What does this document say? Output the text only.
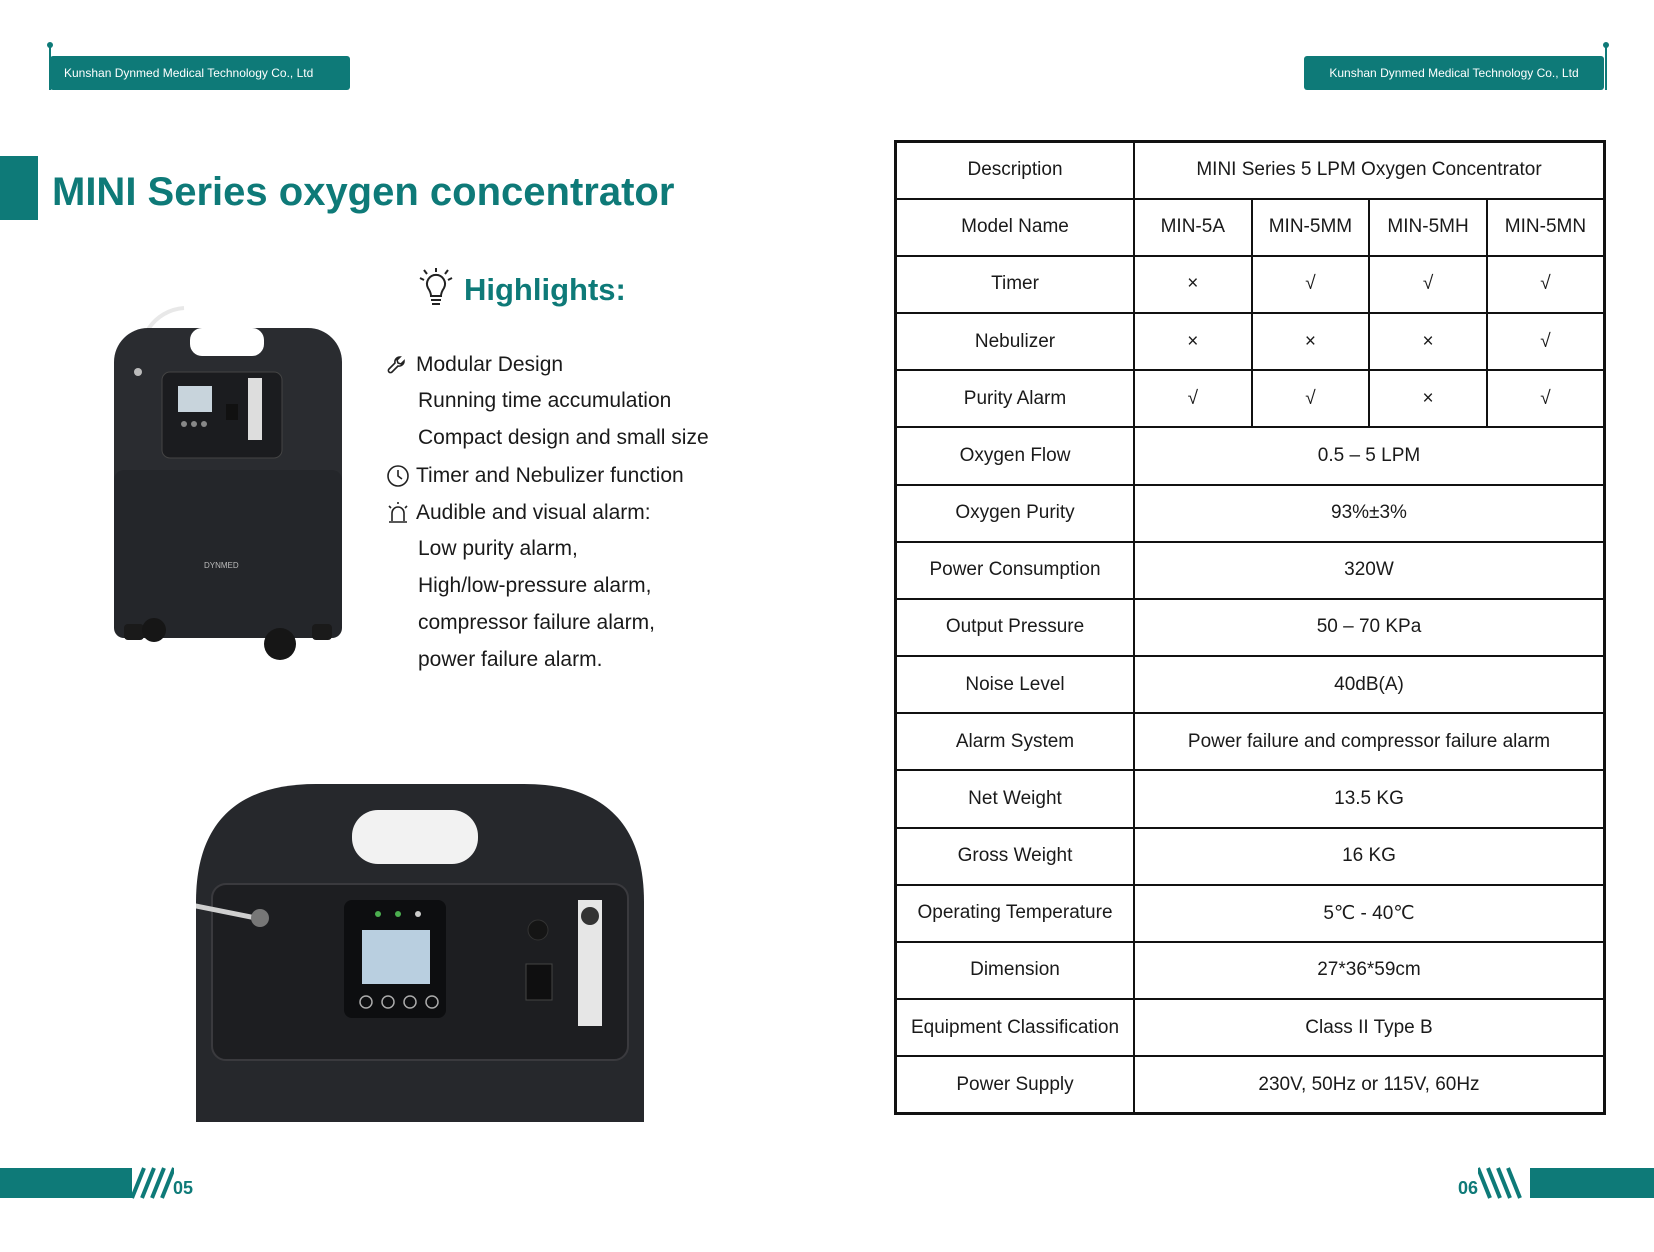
Kunshan Dynmed Medical Technology Co., Ltd	Kunshan Dynmed Medical Technology Co., Ltd
MINI Series oxygen concentrator
Highlights:
Modular Design
Running time accumulation
Compact design and small size
Timer and Nebulizer function
Audible and visual alarm:
Low purity alarm,
High/low-pressure alarm,
compressor failure alarm,
power failure alarm.
DYNMED
Description	MINI Series 5 LPM Oxygen Concentrator			
Model Name	MIN-5A	MIN-5MM	MIN-5MH	MIN-5MN
Timer	×	√	√	√
Nebulizer	×	×	×	√
Purity Alarm	√	√	×	√
Oxygen Flow	0.5 – 5 LPM			
Oxygen Purity	93%±3%			
Power Consumption	320W			
Output Pressure	50 – 70 KPa			
Noise Level	40dB(A)			
Alarm System	Power failure and compressor failure alarm			
Net Weight	13.5 KG			
Gross Weight	16 KG			
Operating Temperature	5℃ - 40℃			
Dimension	27*36*59cm			
Equipment Classification	Class II Type B			
Power Supply	230V, 50Hz or 115V, 60Hz			
05	06
